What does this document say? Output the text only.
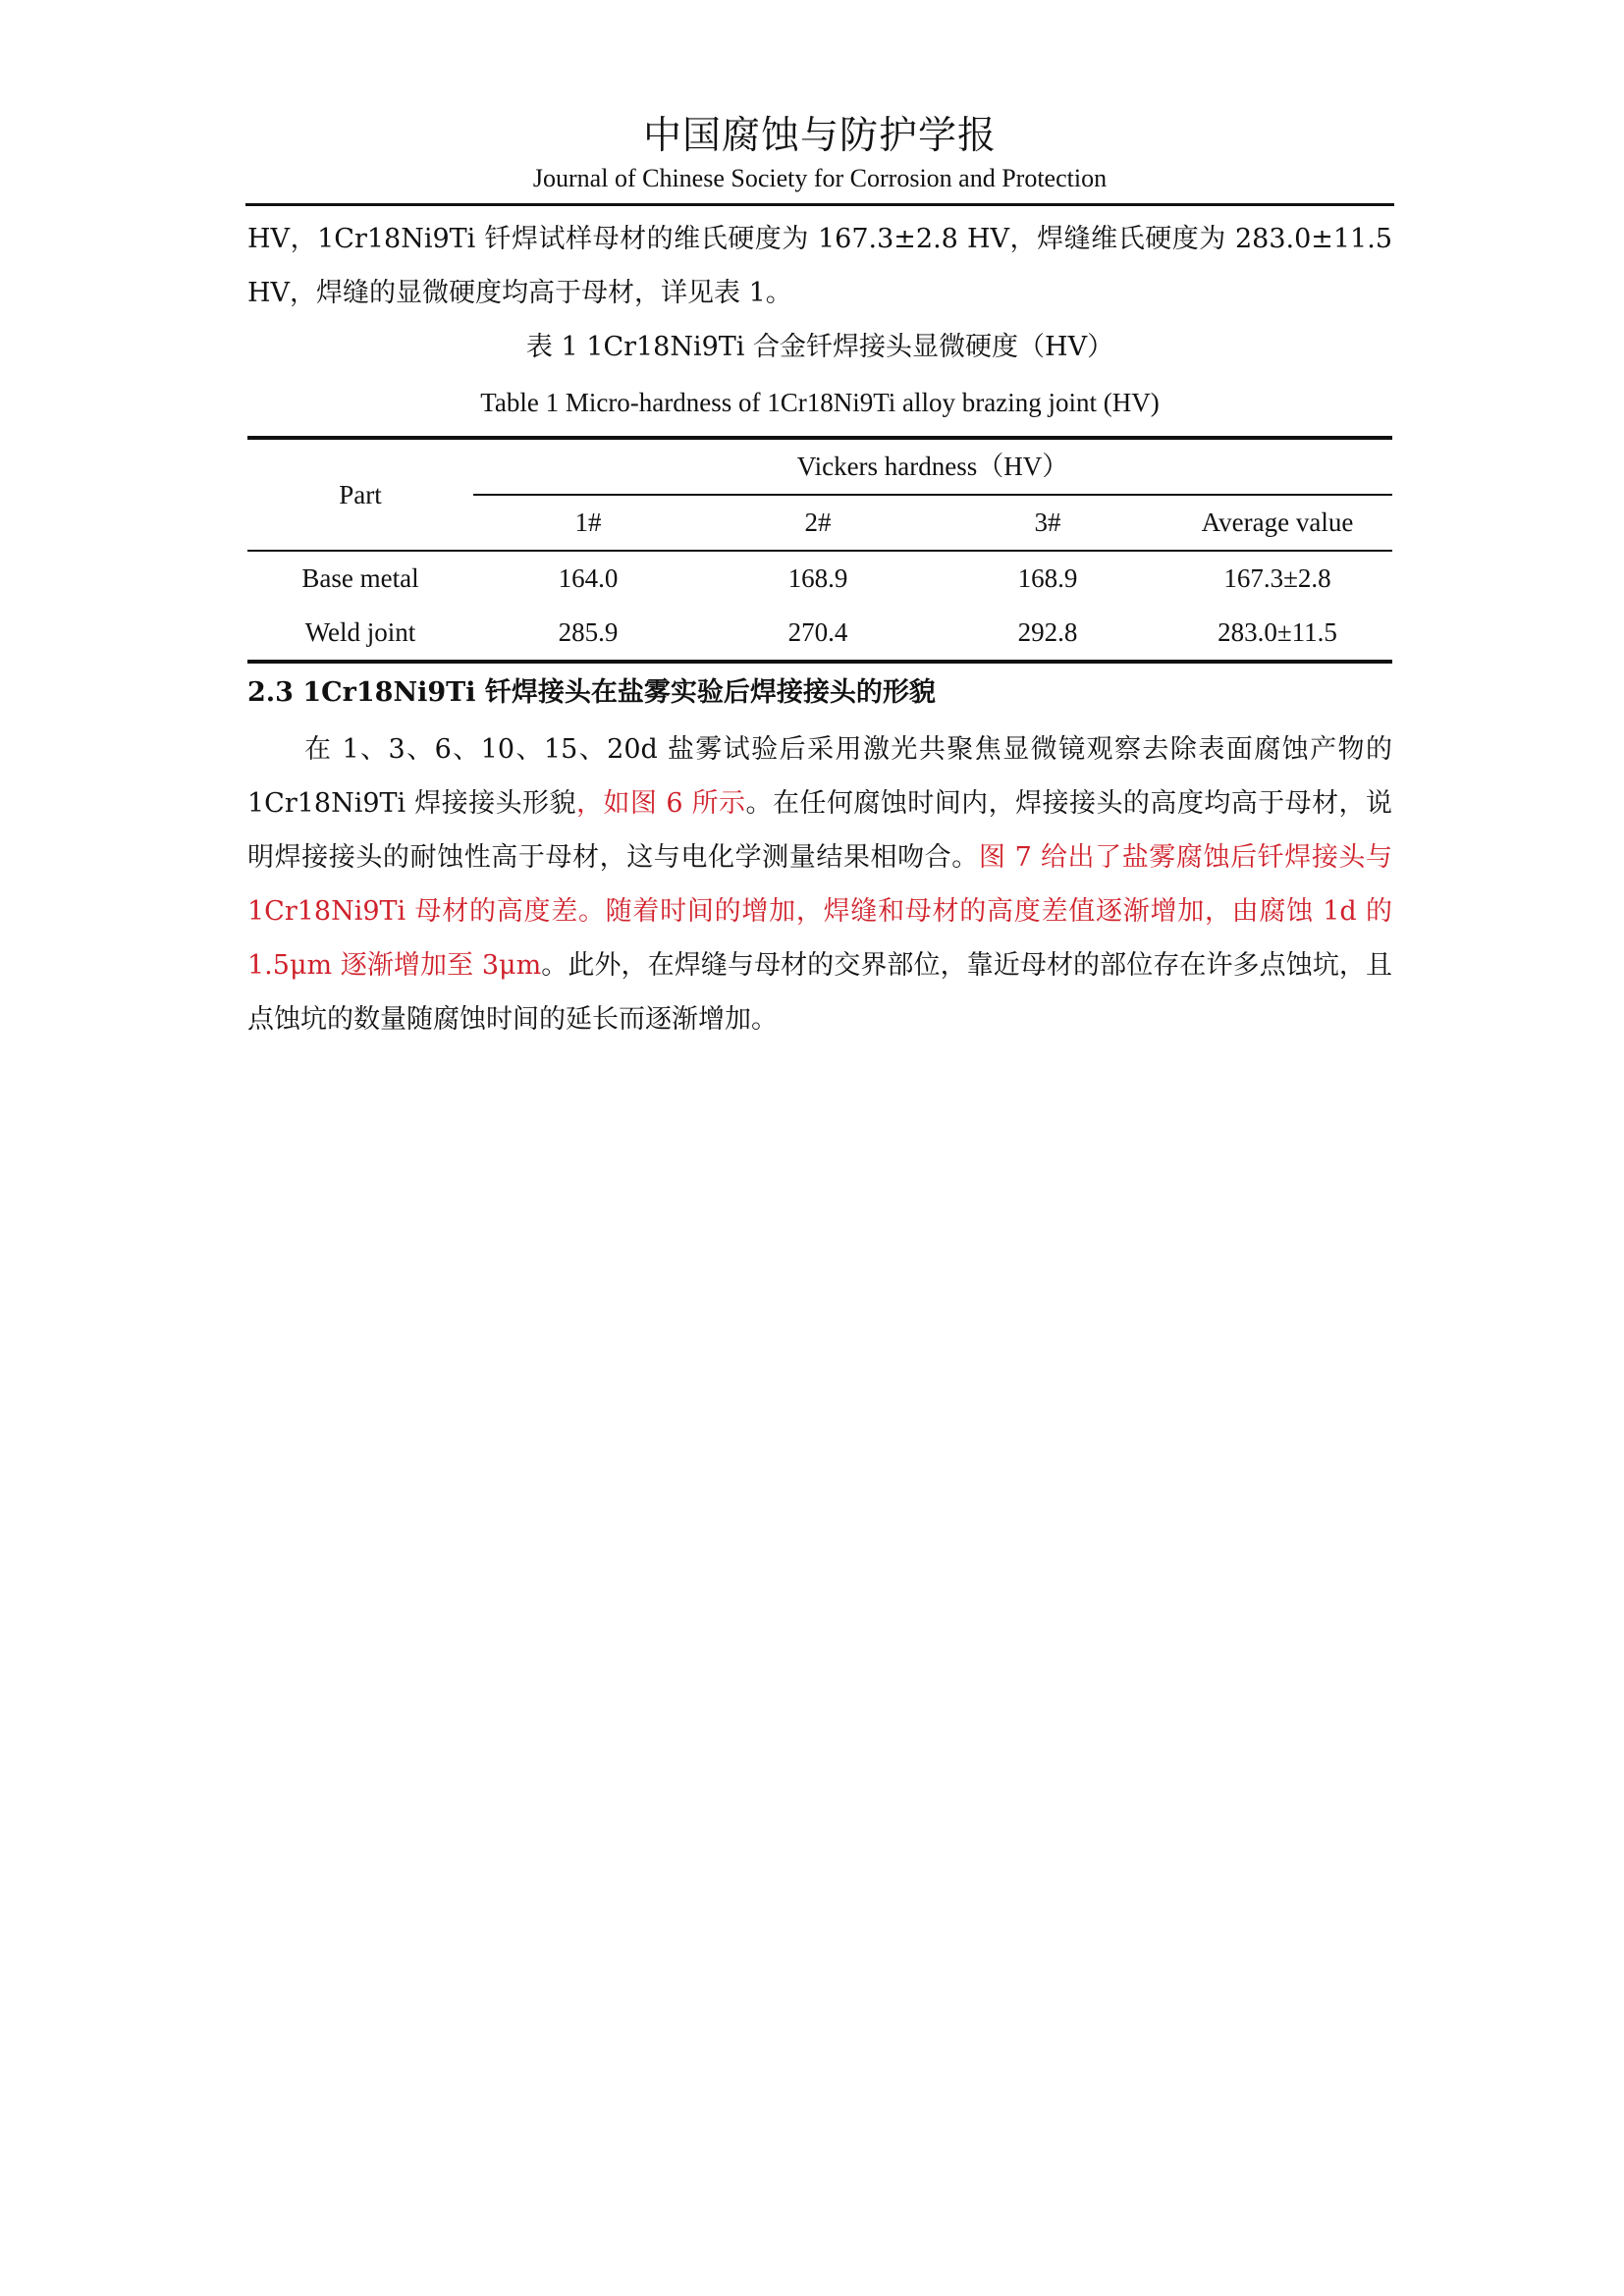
中国腐蚀与防护学报
Journal of Chinese Society for Corrosion and Protection

HV，1Cr18Ni9Ti 钎焊试样母材的维氏硬度为 167.3±2.8 HV，焊缝维氏硬度为 283.0±11.5 HV，焊缝的显微硬度均高于母材，详见表 1。

表 1 1Cr18Ni9Ti 合金钎焊接头显微硬度（HV）

Table 1 Micro-hardness of 1Cr18Ni9Ti alloy brazing joint (HV)

Part	Vickers hardness（HV）			
	1#	2#	3#	Average value
Base metal	164.0	168.9	168.9	167.3±2.8
Weld joint	285.9	270.4	292.8	283.0±11.5

2.3 1Cr18Ni9Ti 钎焊接头在盐雾实验后焊接接头的形貌

在 1、3、6、10、15、20d 盐雾试验后采用激光共聚焦显微镜观察去除表面腐蚀产物的 1Cr18Ni9Ti 焊接接头形貌，如图 6 所示。在任何腐蚀时间内，焊接接头的高度均高于母材，说明焊接接头的耐蚀性高于母材，这与电化学测量结果相吻合。图 7 给出了盐雾腐蚀后钎焊接头与 1Cr18Ni9Ti 母材的高度差。随着时间的增加，焊缝和母材的高度差值逐渐增加，由腐蚀 1d 的 1.5μm 逐渐增加至 3μm。此外，在焊缝与母材的交界部位，靠近母材的部位存在许多点蚀坑，且点蚀坑的数量随腐蚀时间的延长而逐渐增加。
